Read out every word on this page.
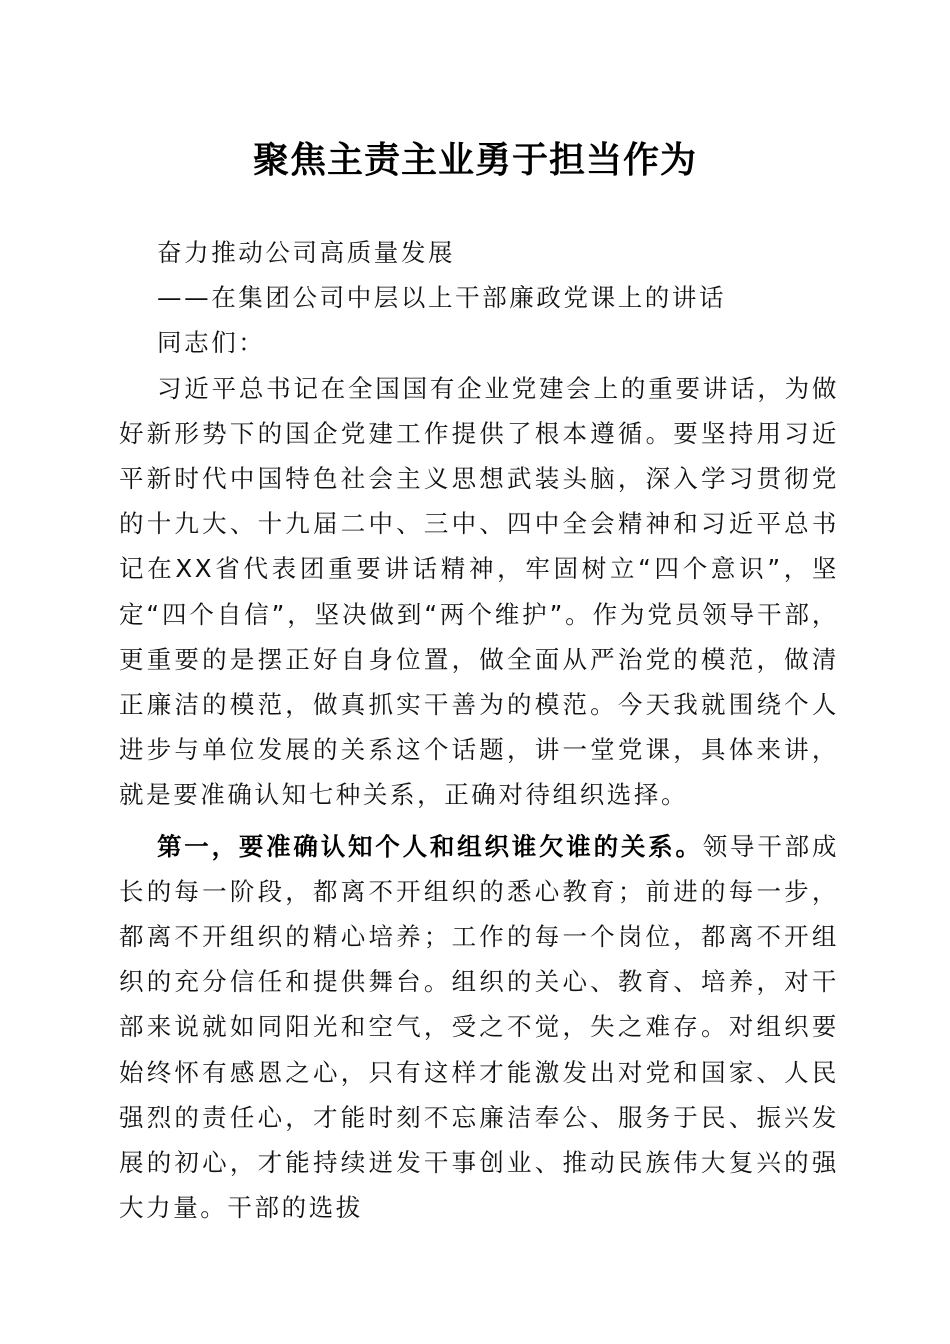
聚焦主责主业勇于担当作为
奋力推动公司高质量发展
——在集团公司中层以上干部廉政党课上的讲话
同志们：
习近平总书记在全国国有企业党建会上的重要讲话，为做好新形势下的国企党建工作提供了根本遵循。要坚持用习近平新时代中国特色社会主义思想武装头脑，深入学习贯彻党的十九大、十九届二中、三中、四中全会精神和习近平总书记在XX省代表团重要讲话精神，牢固树立“四个意识”，坚定“四个自信”，坚决做到“两个维护”。作为党员领导干部，更重要的是摆正好自身位置，做全面从严治党的模范，做清正廉洁的模范，做真抓实干善为的模范。今天我就围绕个人进步与单位发展的关系这个话题，讲一堂党课，具体来讲，就是要准确认知七种关系，正确对待组织选择。
第一，要准确认知个人和组织谁欠谁的关系。领导干部成长的每一阶段，都离不开组织的悉心教育；前进的每一步，都离不开组织的精心培养；工作的每一个岗位，都离不开组织的充分信任和提供舞台。组织的关心、教育、培养，对干部来说就如同阳光和空气，受之不觉，失之难存。对组织要始终怀有感恩之心，只有这样才能激发出对党和国家、人民强烈的责任心，才能时刻不忘廉洁奉公、服务于民、振兴发展的初心，才能持续迸发干事创业、推动民族伟大复兴的强大力量。干部的选拔
